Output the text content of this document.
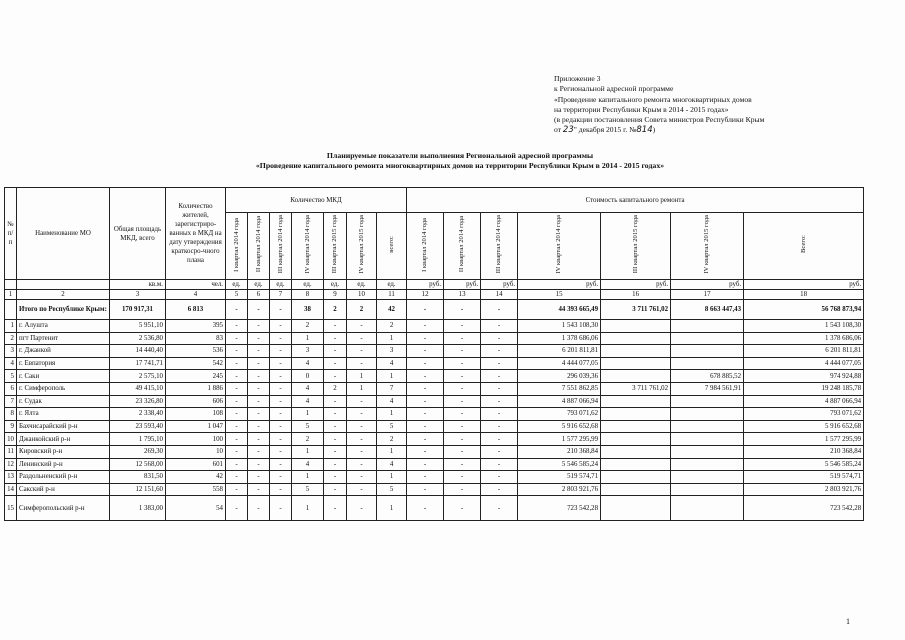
Приложение 3
к Региональной адресной программе
«Проведение капитального ремонта многоквартирных домов
на территории Республики Крым в 2014 - 2015 годах»
(в редакции постановления Совета министров Республики Крым
от 23" декабря 2015 г. №814)
Планируемые показатели выполнения Региональной адресной программы
«Проведение капитального ремонта многоквартирных домов на территории Республики Крым в 2014 - 2015 годах»
№ п/п	Наименование МО	Общая площадь МКД, всего	Количество жителей, зарегистриро-ванных в МКД на дату утверждения краткосро-чного плана	Количество МКД							Стоимость капитального ремонта						
				I квартал 2014 года	II квартал 2014 года	III квартал 2014 года	IV квартал 2014 года	III квартал 2015 года	IV квартал 2015 года	всего:	I квартал 2014 года	II квартал 2014 года	III квартал 2014 года	IV квартал 2014 года	III квартал 2015 года	IV квартал 2015 года	Всего:
		кв.м.	чел.	ед.	ед.	ед.	ед.	ед.	ед.	ед.	руб.	руб.	руб.	руб.	руб.	руб.	руб.
1	2	3	4	5	6	7	8	9	10	11	12	13	14	15	16	17	18
	Итого по Республике Крым:	170 917,31	6 813	-	-	-	38	2	2	42	-	-	-	44 393 665,49	3 711 761,02	8 663 447,43	56 768 873,94
1	г. Алушта	5 951,10	395	-	-	-	2	-	-	2	-	-	-	1 543 108,30			1 543 108,30
2	пгт Партенит	2 536,80	83	-	-	-	1	-	-	1	-	-	-	1 378 686,06			1 378 686,06
3	г. Джанкой	14 440,40	536	-	-	-	3	-	-	3	-	-	-	6 201 811,81			6 201 811,81
4	г. Евпатория	17 741,71	542	-	-	-	4	-	-	4	-	-	-	4 444 077,05			4 444 077,05
5	г. Саки	2 575,10	245	-	-	-	0	-	1	1	-	-	-	296 039,36		678 885,52	974 924,88
6	г. Симферополь	49 415,10	1 886	-	-	-	4	2	1	7	-	-	-	7 551 862,85	3 711 761,02	7 984 561,91	19 248 185,78
7	г. Судак	23 326,80	606	-	-	-	4	-	-	4	-	-	-	4 887 066,94			4 887 066,94
8	г. Ялта	2 338,40	108	-	-	-	1	-	-	1	-	-	-	793 071,62			793 071,62
9	Бахчисарайский р-н	23 593,40	1 047	-	-	-	5	-	-	5	-	-	-	5 916 652,68			5 916 652,68
10	Джанкойский р-н	1 795,10	100	-	-	-	2	-	-	2	-	-	-	1 577 295,99			1 577 295,99
11	Кировский р-н	269,30	10	-	-	-	1	-	-	1	-	-	-	210 368,84			210 368,84
12	Ленинский р-н	12 568,00	601	-	-	-	4	-	-	4	-	-	-	5 546 585,24			5 546 585,24
13	Раздольненский р-н	831,50	42	-	-	-	1	-	-	1	-	-	-	519 574,71			519 574,71
14	Сакский р-н	12 151,60	558	-	-	-	5	-	-	5	-	-	-	2 803 921,76			2 803 921,76
15	Симферопольский р-н	1 383,00	54	-	-	-	1	-	-	1	-	-	-	723 542,28			723 542,28
1
